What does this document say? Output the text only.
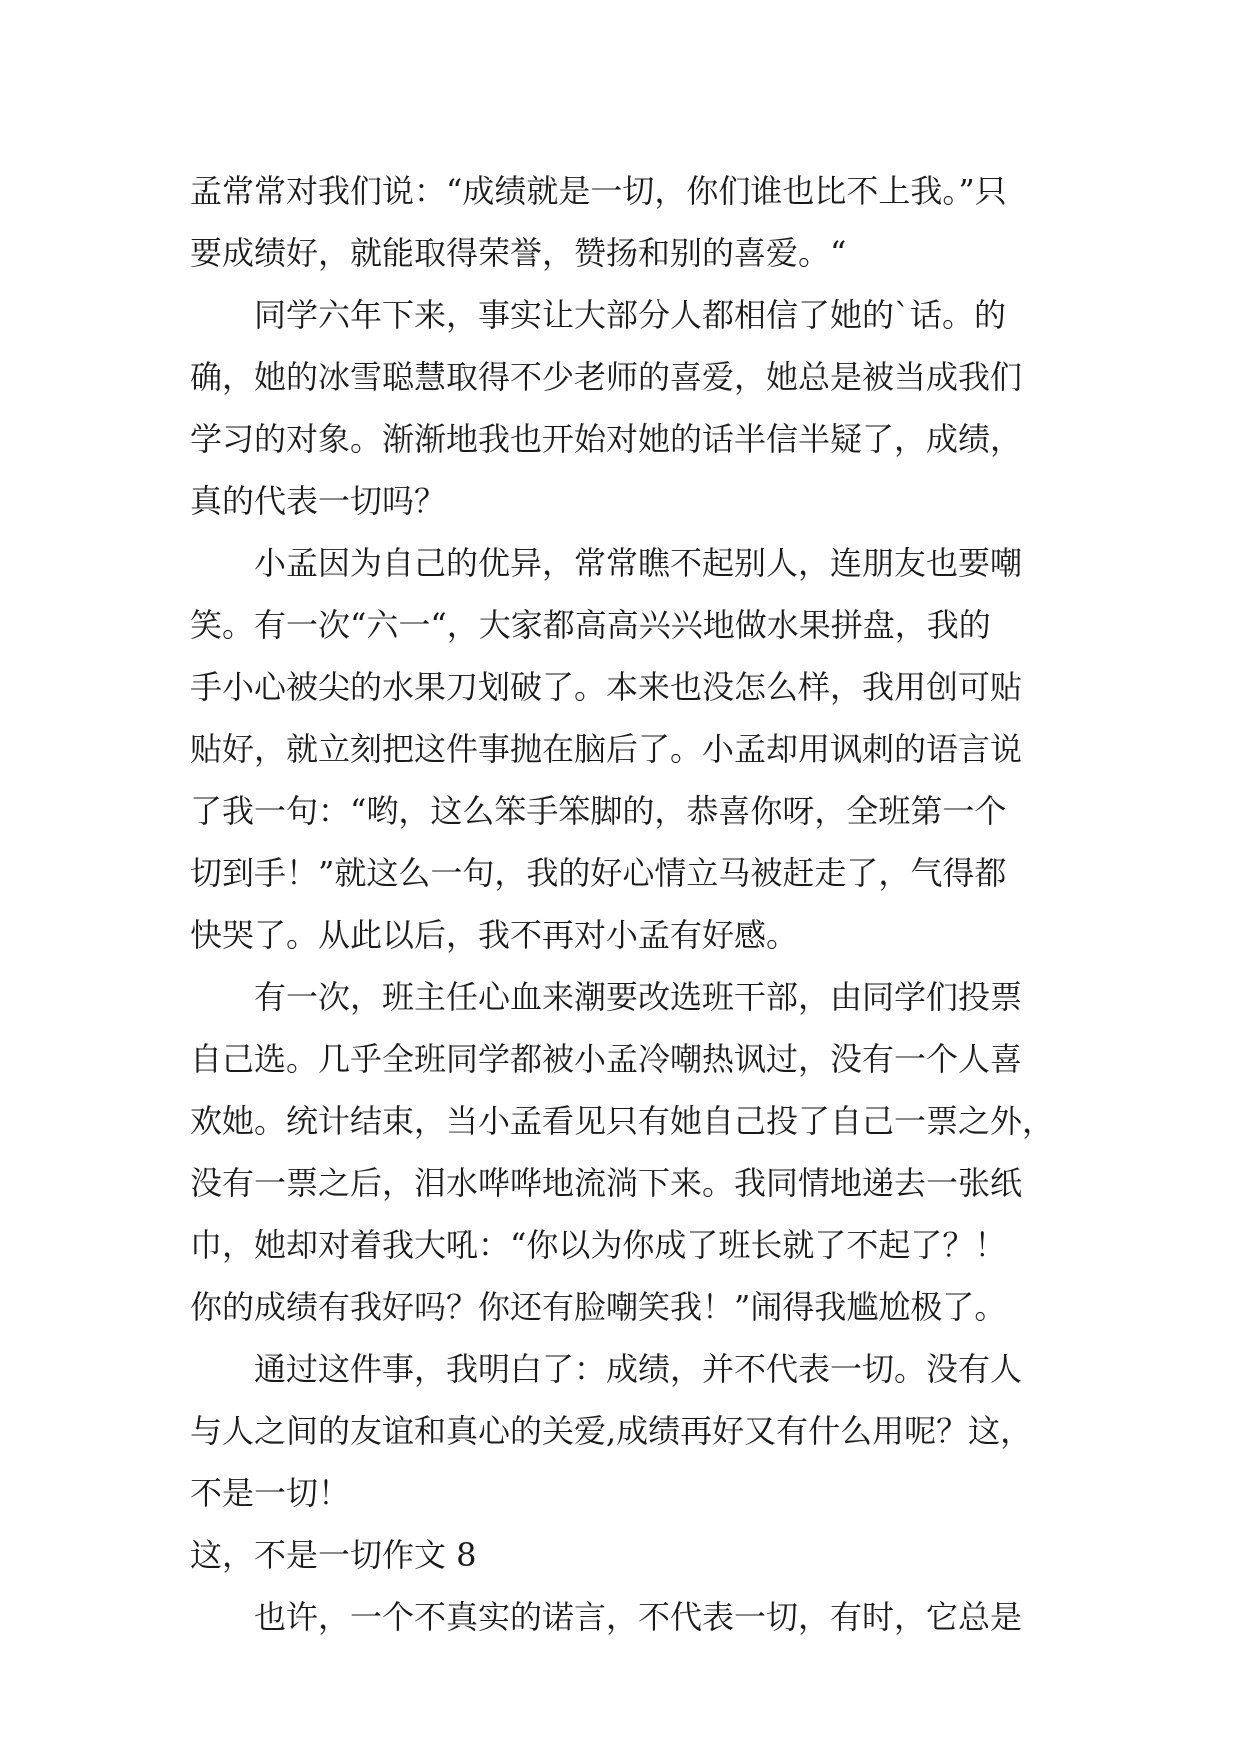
孟常常对我们说：“成绩就是一切，你们谁也比不上我。”只
要成绩好，就能取得荣誉，赞扬和别的喜爱。“
同学六年下来，事实让大部分人都相信了她的`话。的
确，她的冰雪聪慧取得不少老师的喜爱，她总是被当成我们
学习的对象。渐渐地我也开始对她的话半信半疑了，成绩，
真的代表一切吗？
小孟因为自己的优异，常常瞧不起别人，连朋友也要嘲
笑。有一次“六一“，大家都高高兴兴地做水果拼盘，我的
手小心被尖的水果刀划破了。本来也没怎么样，我用创可贴
贴好，就立刻把这件事抛在脑后了。小孟却用讽刺的语言说
了我一句：“哟，这么笨手笨脚的，恭喜你呀，全班第一个
切到手！”就这么一句，我的好心情立马被赶走了，气得都
快哭了。从此以后，我不再对小孟有好感。
有一次，班主任心血来潮要改选班干部，由同学们投票
自己选。几乎全班同学都被小孟冷嘲热讽过，没有一个人喜
欢她。统计结束，当小孟看见只有她自己投了自己一票之外，
没有一票之后，泪水哗哗地流淌下来。我同情地递去一张纸
巾，她却对着我大吼：“你以为你成了班长就了不起了？！
你的成绩有我好吗？你还有脸嘲笑我！”闹得我尴尬极了。
通过这件事，我明白了：成绩，并不代表一切。没有人
与人之间的友谊和真心的关爱,成绩再好又有什么用呢？这，
不是一切！
这，不是一切作文 8
也许，一个不真实的诺言，不代表一切，有时，它总是
